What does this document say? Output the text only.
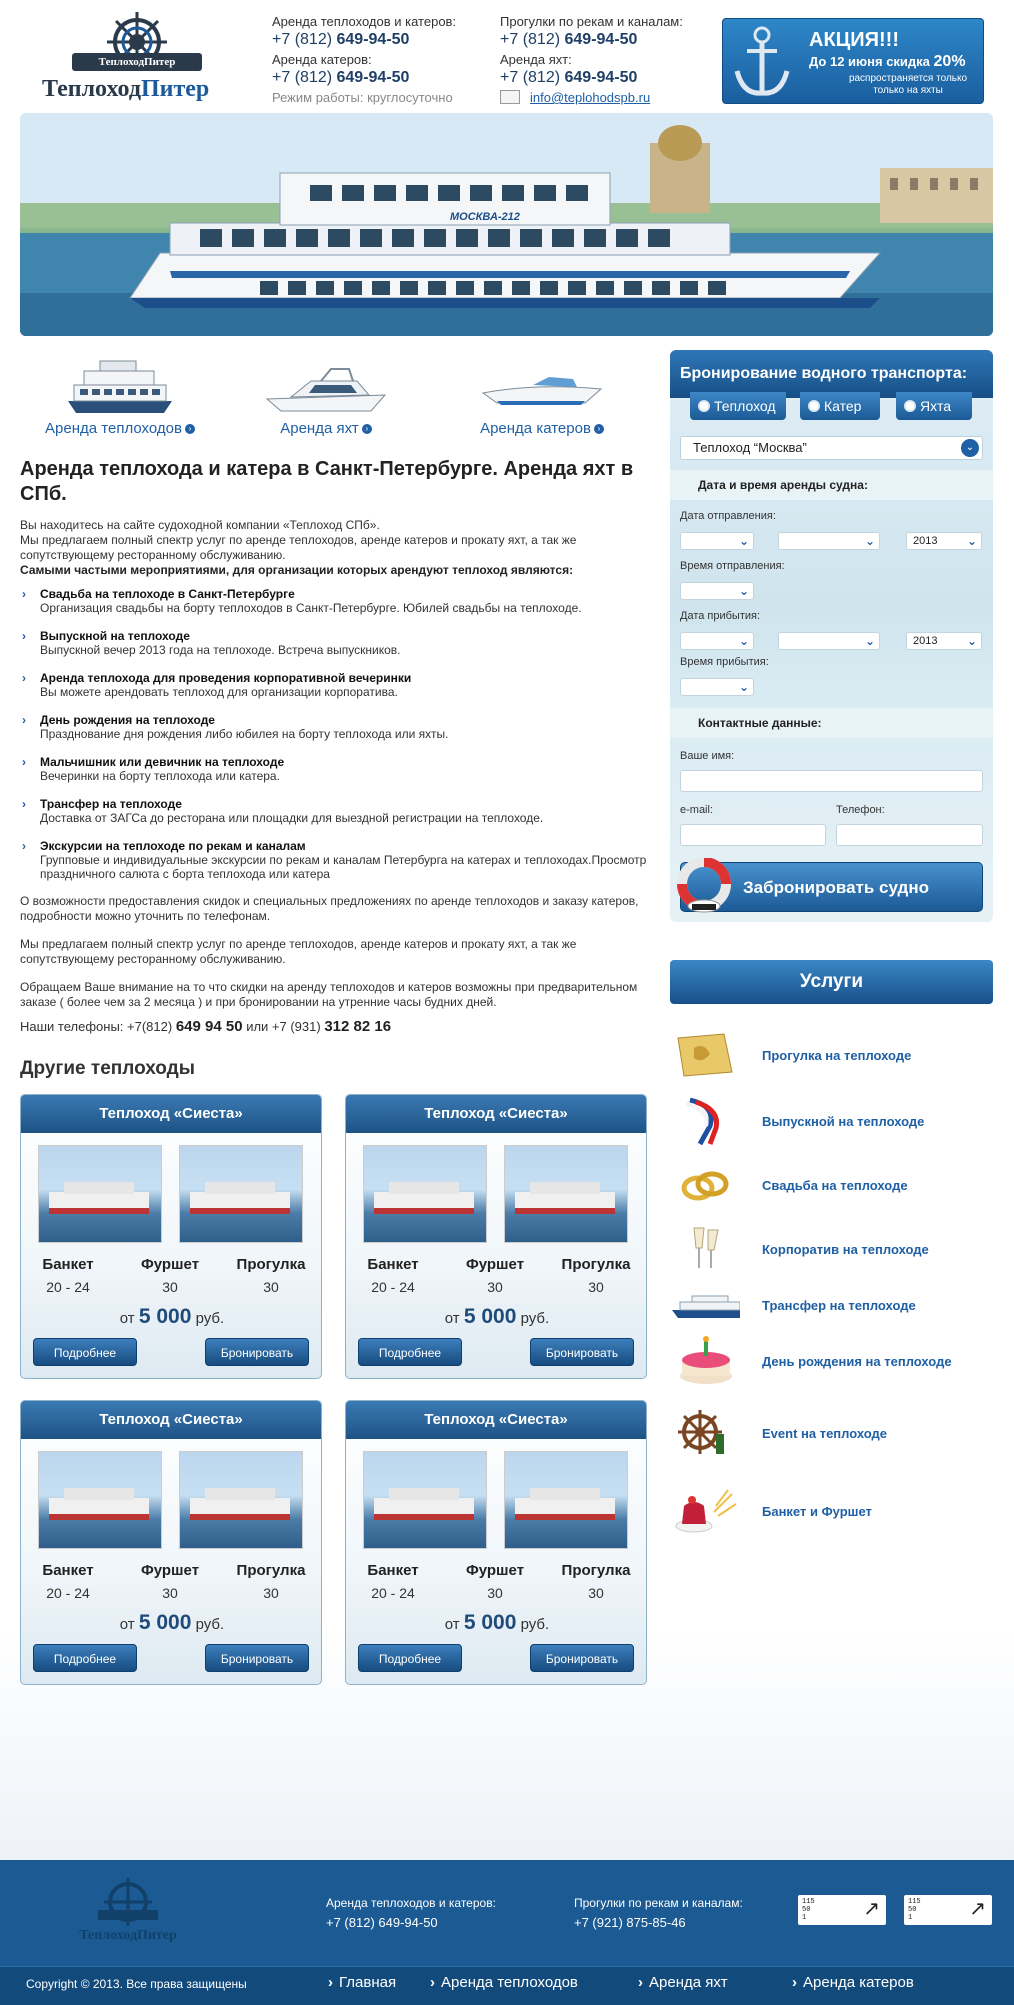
ТеплоходПитер
ТеплоходПитер
Аренда теплоходов и катеров:
+7 (812) 649-94-50
Аренда катеров:
+7 (812) 649-94-50
Прогулки по рекам и каналам:
+7 (812) 649-94-50
Аренда яхт:
+7 (812) 649-94-50
Режим работы: круглосуточно	info@teplohodspb.ru
АКЦИЯ!!!
До 12 июня скидка 20%
распространяется только только на яхты
МОСКВА-212
Аренда теплоходов ›	Аренда яхт ›	Аренда катеров ›
Аренда теплохода и катера в Санкт-Петербурге. Аренда яхт в СПб.
Вы находитесь на сайте судоходной компании «Теплоход СПб».
Мы предлагаем полный спектр услуг по аренде теплоходов, аренде катеров и прокату яхт, а так же сопутствующему ресторанному обслуживанию.
Самыми частыми мероприятиями, для организации которых арендуют теплоход являются:
› Свадьба на теплоходе в Санкт-Петербурге
Организация свадьбы на борту теплоходов в Санкт-Петербурге. Юбилей свадьбы на теплоходе.
› Выпускной на теплоходе
Выпускной вечер 2013 года на теплоходе. Встреча выпускников.
› Аренда теплохода для проведения корпоративной вечеринки
Вы можете арендовать теплоход для организации корпоратива.
› День рождения на теплоходе
Празднование дня рождения либо юбилея на борту теплохода или яхты.
› Мальчишник или девичник на теплоходе
Вечеринки на борту теплохода или катера.
› Трансфер на теплоходе
Доставка от ЗАГСа до ресторана или площадки для выездной регистрации на теплоходе.
› Экскурсии на теплоходе по рекам и каналам
Групповые и индивидуальные экскурсии по рекам и каналам Петербурга на катерах и теплоходах.Просмотр праздничного салюта с борта теплохода или катера

О возможности предоставления скидок и специальных предложениях по аренде теплоходов и заказу катеров, подробности можно уточнить по телефонам.

Мы предлагаем полный спектр услуг по аренде теплоходов, аренде катеров и прокату яхт, а так же сопутствующему ресторанному обслуживанию.

Обращаем Ваше внимание на то что скидки на аренду теплоходов и катеров возможны при предварительном заказе ( более чем за 2 месяца ) и при бронировании на утренние часы будних дней.

Наши телефоны: +7(812) 649 94 50 или +7 (931) 312 82 16
Другие теплоходы
Теплоход «Сиеста»
Банкет
20 - 24
Фуршет
30
Прогулка
30
от 5 000 руб.
Подробнее	Бронировать
Теплоход «Сиеста»
Банкет
20 - 24
Фуршет
30
Прогулка
30
от 5 000 руб.
Подробнее	Бронировать
Теплоход «Сиеста»
Банкет
20 - 24
Фуршет
30
Прогулка
30
от 5 000 руб.
Подробнее	Бронировать
Теплоход «Сиеста»
Банкет
20 - 24
Фуршет
30
Прогулка
30
от 5 000 руб.
Подробнее	Бронировать
Бронирование водного транспорта:
Теплоход	Катер	Яхта
Теплоход “Москва”	⌄
Дата и время аренды судна:
Дата отправления:
⌄	⌄	2013 ⌄
Время отправления:
⌄
Дата прибытия:
⌄	⌄	2013 ⌄
Время прибытия:
⌄
Контактные данные:
Ваше имя:
e-mail:	Телефон:
Забронировать судно
Услуги
Прогулка на теплоходе
Выпускной на теплоходе
Свадьба на теплоходе
Корпоратив на теплоходе
Трансфер на теплоходе
День рождения на теплоходе
Event на теплоходе
Банкет и Фуршет
ТеплоходПитер
Аренда теплоходов и катеров:
+7 (812) 649-94-50
Прогулки по рекам и каналам:
+7 (921) 875-85-46
115
50
1	↗	115
50
1	↗
Copyright © 2013. Все права защищены	› Главная › Аренда теплоходов	› Аренда яхт	› Аренда катеров
